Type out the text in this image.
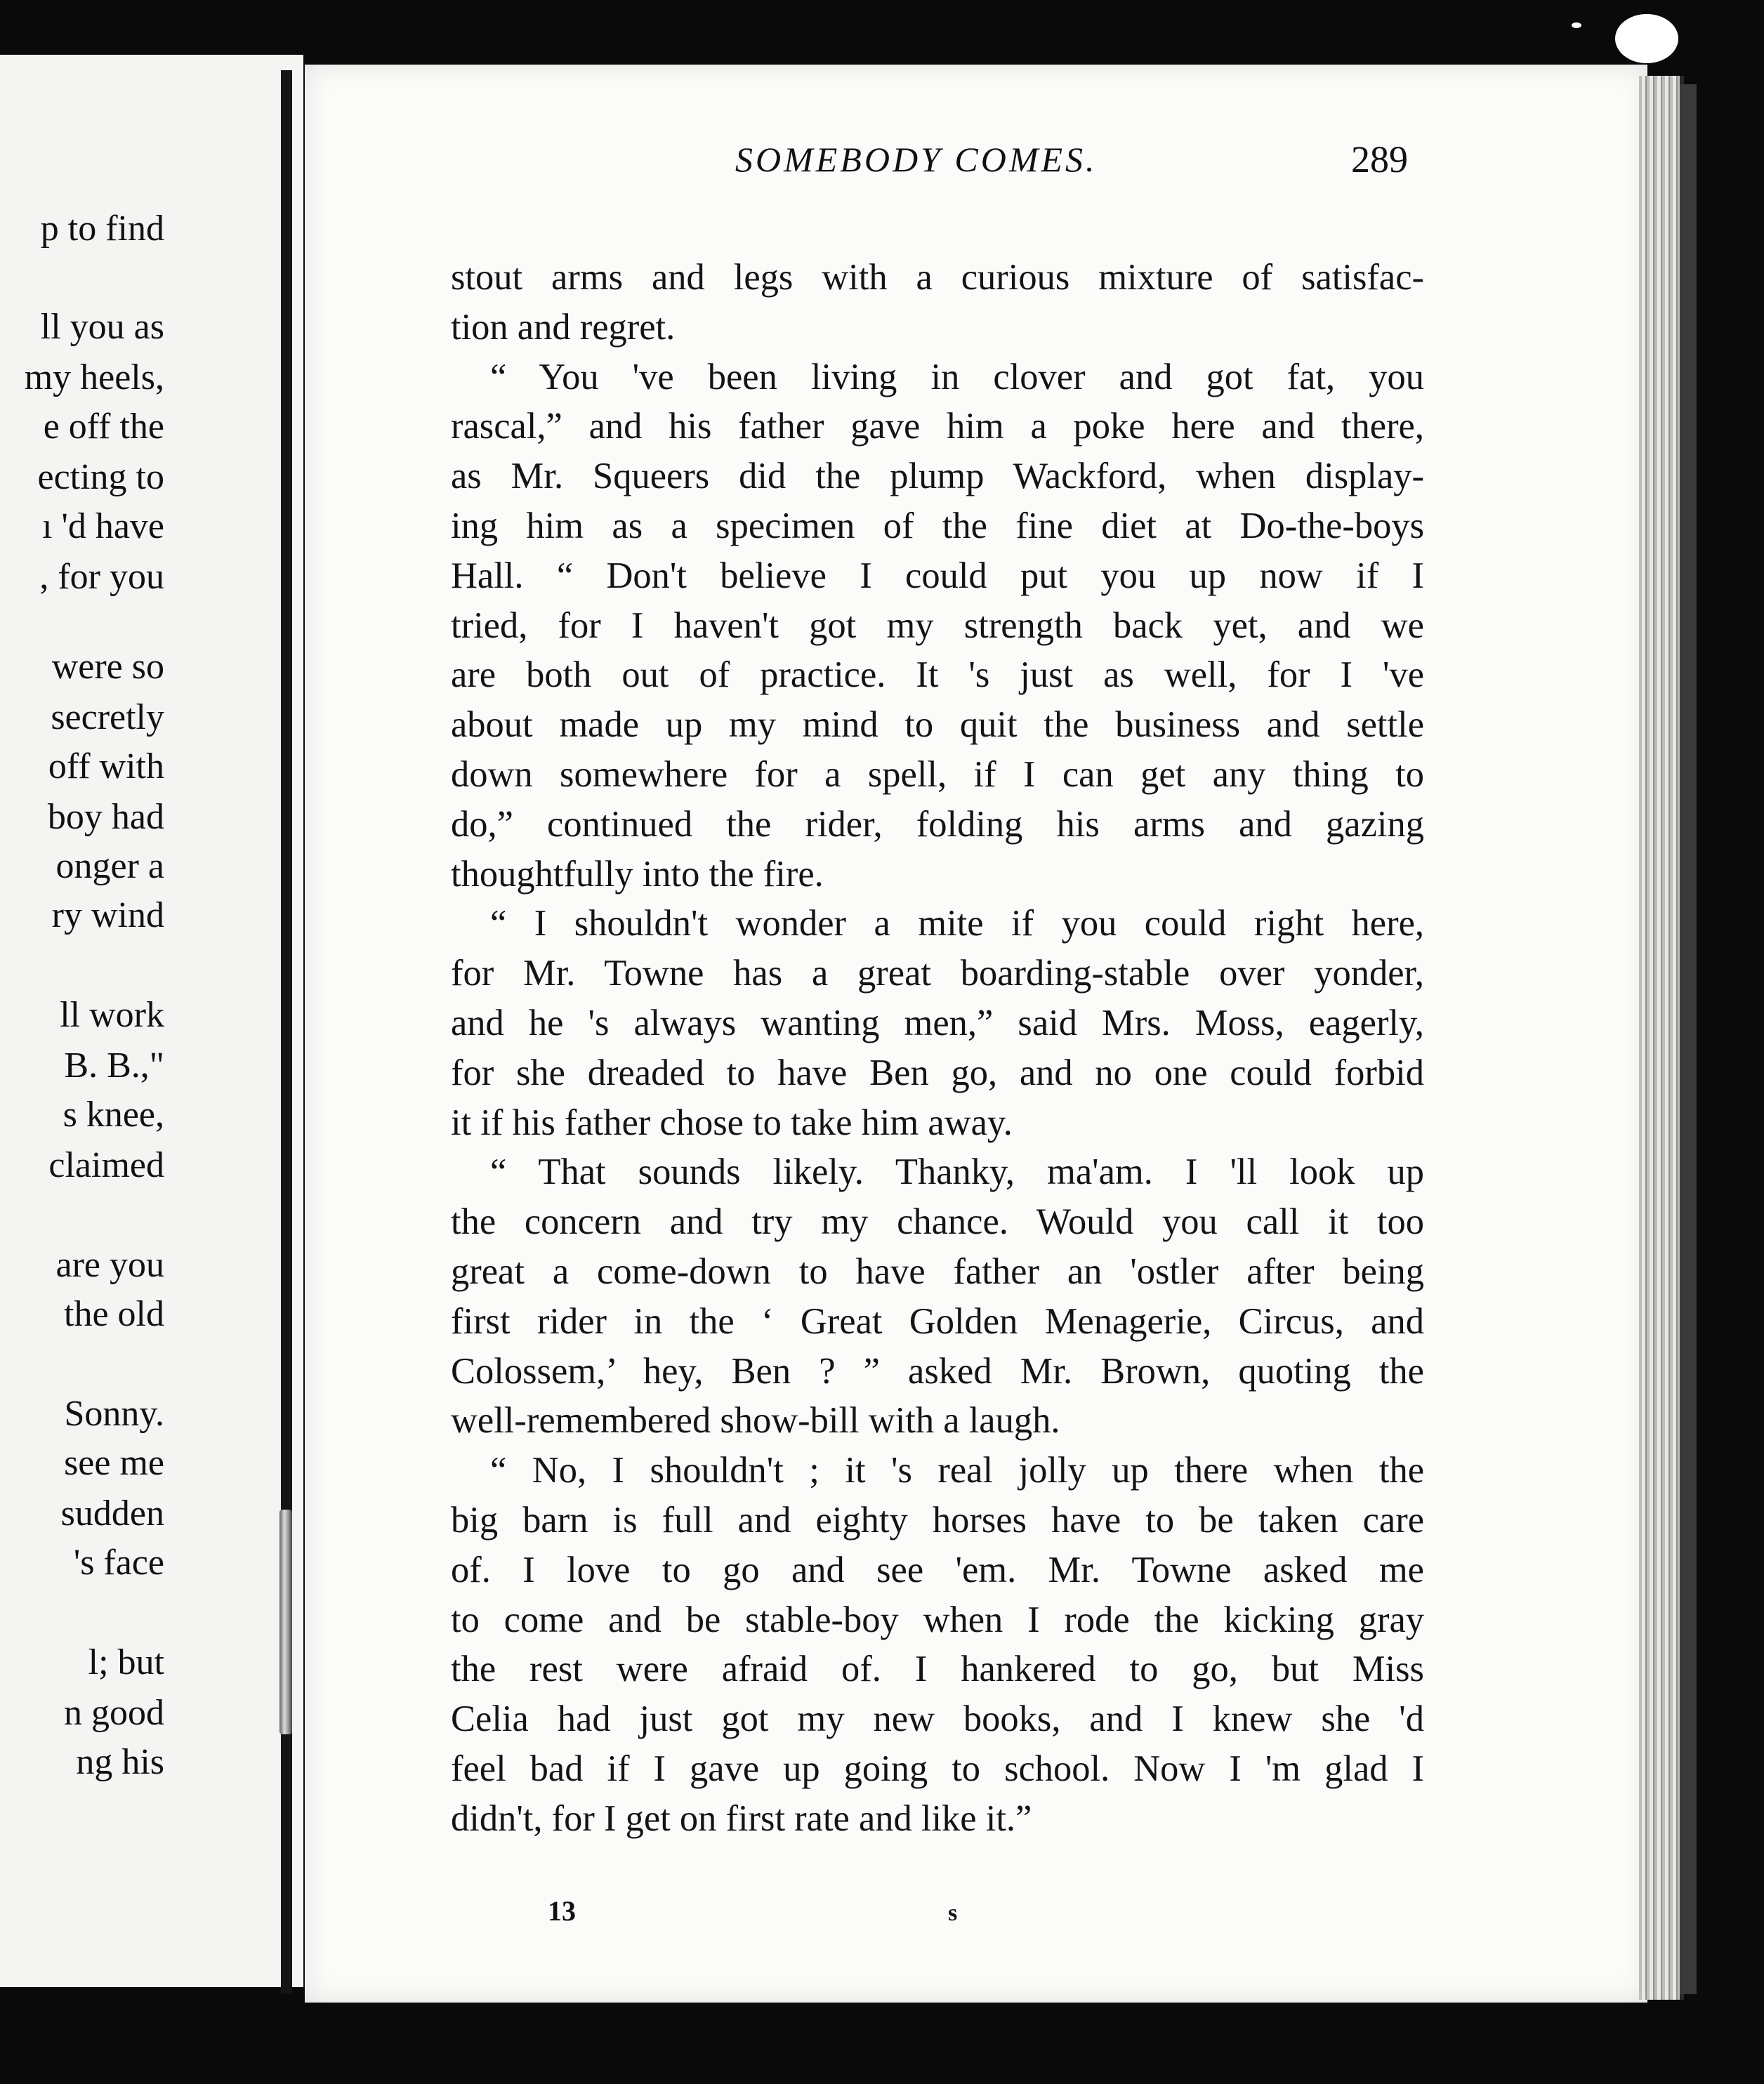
p to find
ll you as
my heels,
e off the
ecting to
ı 'd have
, for you
were so
secretly
off with
boy had
onger a
ry wind
ll work
B. B.,"
s knee,
claimed
are you
the old
Sonny.
see me
sudden
's face
l; but
n good
ng his
SOMEBODY COMES.	289
stout arms and legs with a curious mixture of satisfac-
tion and regret.
“ You 've been living in clover and got fat, you
rascal,” and his father gave him a poke here and there,
as Mr. Squeers did the plump Wackford, when display-
ing him as a specimen of the fine diet at Do-the-boys
Hall. “ Don't believe I could put you up now if I
tried, for I haven't got my strength back yet, and we
are both out of practice. It 's just as well, for I 've
about made up my mind to quit the business and settle
down somewhere for a spell, if I can get any thing to
do,” continued the rider, folding his arms and gazing
thoughtfully into the fire.
“ I shouldn't wonder a mite if you could right here,
for Mr. Towne has a great boarding-stable over yonder,
and he 's always wanting men,” said Mrs. Moss, eagerly,
for she dreaded to have Ben go, and no one could forbid
it if his father chose to take him away.
“ That sounds likely. Thanky, ma'am. I 'll look up
the concern and try my chance. Would you call it too
great a come-down to have father an 'ostler after being
first rider in the ‘ Great Golden Menagerie, Circus, and
Colossem,’ hey, Ben ? ” asked Mr. Brown, quoting the
well-remembered show-bill with a laugh.
“ No, I shouldn't ; it 's real jolly up there when the
big barn is full and eighty horses have to be taken care
of. I love to go and see 'em. Mr. Towne asked me
to come and be stable-boy when I rode the kicking gray
the rest were afraid of. I hankered to go, but Miss
Celia had just got my new books, and I knew she 'd
feel bad if I gave up going to school. Now I 'm glad I
didn't, for I get on first rate and like it.”
13	s
